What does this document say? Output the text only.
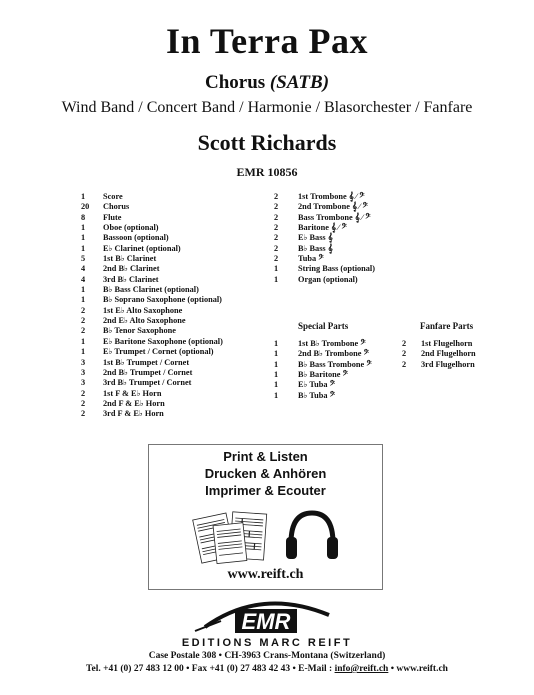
In Terra Pax
Chorus (SATB)
Wind Band / Concert Band / Harmonie / Blasorchester / Fanfare
Scott Richards
EMR 10856
1	Score
20	Chorus
8	Flute
1	Oboe (optional)
1	Bassoon (optional)
1	E♭ Clarinet (optional)
5	1st B♭ Clarinet
4	2nd B♭ Clarinet
4	3rd B♭ Clarinet
1	B♭ Bass Clarinet (optional)
1	B♭ Soprano Saxophone (optional)
2	1st E♭ Alto Saxophone
2	2nd E♭ Alto Saxophone
2	B♭ Tenor Saxophone
1	E♭ Baritone Saxophone (optional)
1	E♭ Trumpet / Cornet (optional)
3	1st B♭ Trumpet / Cornet
3	2nd B♭ Trumpet / Cornet
3	3rd B♭ Trumpet / Cornet
2	1st F & E♭ Horn
2	2nd F & E♭ Horn
2	3rd F & E♭ Horn
2	1st Trombone 𝄞 ⁄ 𝄢
2	2nd Trombone 𝄞 ⁄ 𝄢
2	Bass Trombone 𝄞 ⁄ 𝄢
2	Baritone 𝄞 ⁄ 𝄢
2	E♭ Bass 𝄞
2	B♭ Bass 𝄞
2	Tuba 𝄢
1	String Bass (optional)
1	Organ (optional)
Special Parts
1	1st B♭ Trombone 𝄢
1	2nd B♭ Trombone 𝄢
1	B♭ Bass Trombone 𝄢
1	B♭ Baritone 𝄢
1	E♭ Tuba 𝄢
1	B♭ Tuba 𝄢
Fanfare Parts
2	1st Flugelhorn
2	2nd Flugelhorn
2	3rd Flugelhorn
Print & Listen
Drucken & Anhören
Imprimer & Ecouter
www.reift.ch
EMR
EDITIONS MARC REIFT
Case Postale 308 • CH-3963 Crans-Montana (Switzerland)
Tel. +41 (0) 27 483 12 00 • Fax +41 (0) 27 483 42 43 • E-Mail : info@reift.ch • www.reift.ch
